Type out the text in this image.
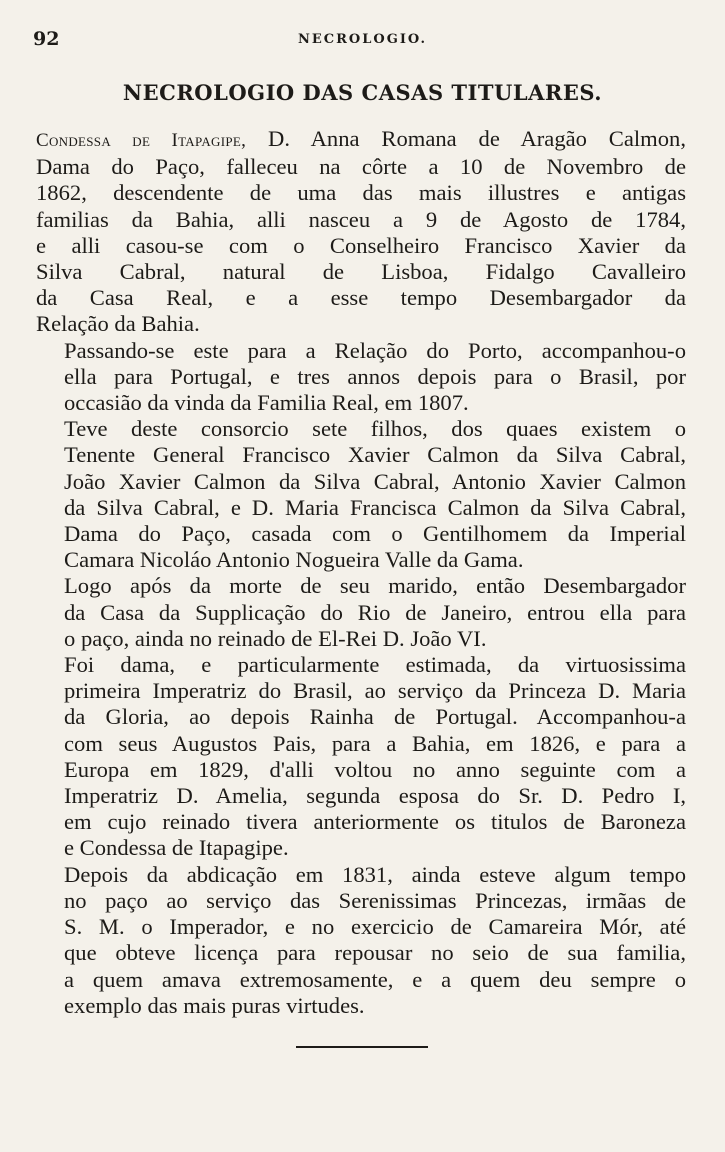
92	NECROLOGIO.
NECROLOGIO DAS CASAS TITULARES.
Condessa de Itapagipe, D. Anna Romana de Aragão Calmon,
Dama do Paço, falleceu na côrte a 10 de Novembro de
1862, descendente de uma das mais illustres e antigas
familias da Bahia, alli nasceu a 9 de Agosto de 1784,
e alli casou-se com o Conselheiro Francisco Xavier da
Silva Cabral, natural de Lisboa, Fidalgo Cavalleiro
da Casa Real, e a esse tempo Desembargador da
Relação da Bahia.
Passando-se este para a Relação do Porto, accompanhou-o
ella para Portugal, e tres annos depois para o Brasil, por
occasião da vinda da Familia Real, em 1807.
Teve deste consorcio sete filhos, dos quaes existem o
Tenente General Francisco Xavier Calmon da Silva Cabral,
João Xavier Calmon da Silva Cabral, Antonio Xavier Calmon
da Silva Cabral, e D. Maria Francisca Calmon da Silva Cabral,
Dama do Paço, casada com o Gentilhomem da Imperial
Camara Nicoláo Antonio Nogueira Valle da Gama.
Logo após da morte de seu marido, então Desembargador
da Casa da Supplicação do Rio de Janeiro, entrou ella para
o paço, ainda no reinado de El-Rei D. João VI.
Foi dama, e particularmente estimada, da virtuosissima
primeira Imperatriz do Brasil, ao serviço da Princeza D. Maria
da Gloria, ao depois Rainha de Portugal. Accompanhou-a
com seus Augustos Pais, para a Bahia, em 1826, e para a
Europa em 1829, d'alli voltou no anno seguinte com a
Imperatriz D. Amelia, segunda esposa do Sr. D. Pedro I,
em cujo reinado tivera anteriormente os titulos de Baroneza
e Condessa de Itapagipe.
Depois da abdicação em 1831, ainda esteve algum tempo
no paço ao serviço das Serenissimas Princezas, irmãas de
S. M. o Imperador, e no exercicio de Camareira Mór, até
que obteve licença para repousar no seio de sua familia,
a quem amava extremosamente, e a quem deu sempre o
exemplo das mais puras virtudes.
